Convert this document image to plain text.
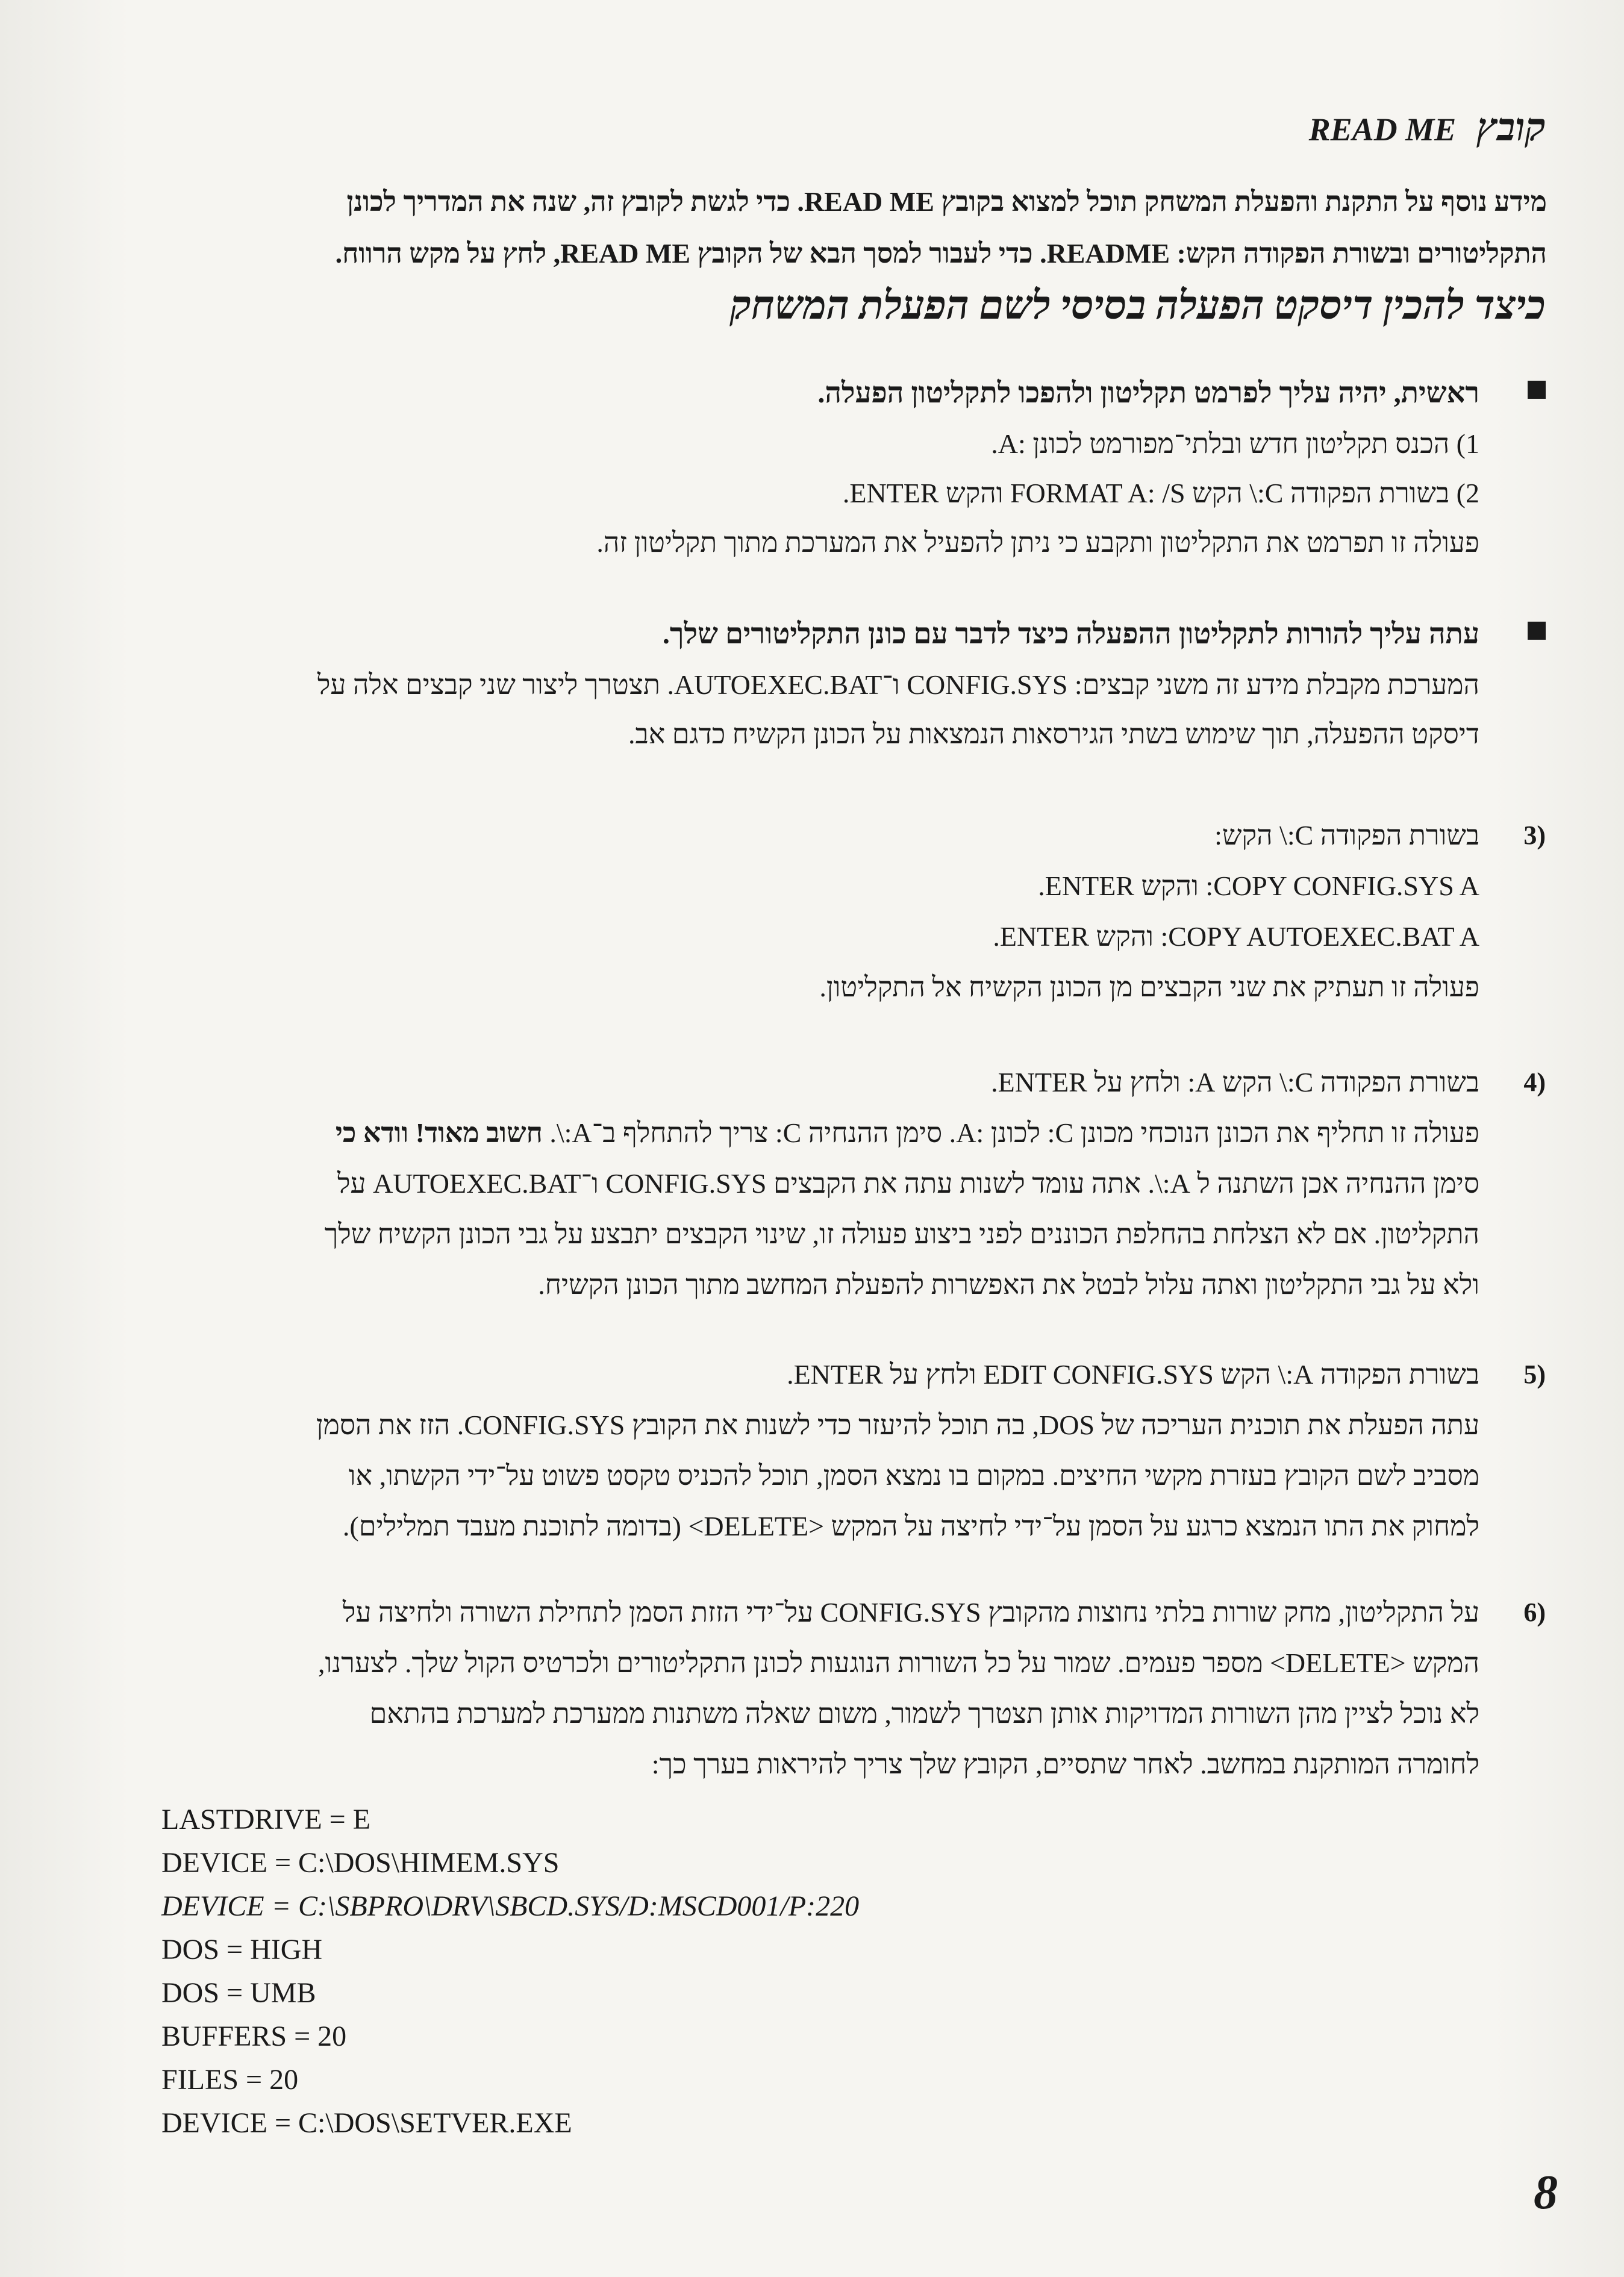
קובץ READ ME
מידע נוסף על התקנת והפעלת המשחק תוכל למצוא בקובץ READ ME. כדי לגשת לקובץ זה, שנה את המדריך לכונן
התקליטורים ובשורת הפקודה הקש: README. כדי לעבור למסך הבא של הקובץ READ ME, לחץ על מקש הרווח.
כיצד להכין דיסקט הפעלה בסיסי לשם הפעלת המשחק
ראשית, יהיה עליך לפרמט תקליטון ולהפכו לתקליטון הפעלה.

1) הכנס תקליטון חדש ובלתי־מפורמט לכונן :A.

2) בשורת הפקודה C:\ הקש FORMAT A: /S והקש ENTER.

פעולה זו תפרמט את התקליטון ותקבע כי ניתן להפעיל את המערכת מתוך תקליטון זה.

עתה עליך להורות לתקליטון ההפעלה כיצד לדבר עם כונן התקליטורים שלך.

המערכת מקבלת מידע זה משני קבצים: CONFIG.SYS ו־AUTOEXEC.BAT. תצטרך ליצור שני קבצים אלה על

דיסקט ההפעלה, תוך שימוש בשתי הגירסאות הנמצאות על הכונן הקשיח כדגם אב.

(3

בשורת הפקודה C:\ הקש:

COPY CONFIG.SYS A: והקש ENTER.

COPY AUTOEXEC.BAT A: והקש ENTER.

פעולה זו תעתיק את שני הקבצים מן הכונן הקשיח אל התקליטון.

(4

בשורת הפקודה C:\ הקש A: ולחץ על ENTER.

פעולה זו תחליף את הכונן הנוכחי מכונן C: לכונן :A. סימן ההנחיה C: צריך להתחלף ב־A:\. חשוב מאוד! וודא כי

סימן ההנחיה אכן השתנה ל A:\. אתה עומד לשנות עתה את הקבצים CONFIG.SYS ו־AUTOEXEC.BAT על

התקליטון. אם לא הצלחת בהחלפת הכוננים לפני ביצוע פעולה זו, שינוי הקבצים יתבצע על גבי הכונן הקשיח שלך

ולא על גבי התקליטון ואתה עלול לבטל את האפשרות להפעלת המחשב מתוך הכונן הקשיח.

(5

בשורת הפקודה A:\ הקש EDIT CONFIG.SYS ולחץ על ENTER.

עתה הפעלת את תוכנית העריכה של DOS, בה תוכל להיעזר כדי לשנות את הקובץ CONFIG.SYS. הזז את הסמן

מסביב לשם הקובץ בעזרת מקשי החיצים. במקום בו נמצא הסמן, תוכל להכניס טקסט פשוט על־ידי הקשתו, או

למחוק את התו הנמצא כרגע על הסמן על־ידי לחיצה על המקש <DELETE> (בדומה לתוכנת מעבד תמלילים).

(6

על התקליטון, מחק שורות בלתי נחוצות מהקובץ CONFIG.SYS על־ידי הזזת הסמן לתחילת השורה ולחיצה על

המקש <DELETE> מספר פעמים. שמור על כל השורות הנוגעות לכונן התקליטורים ולכרטיס הקול שלך. לצערנו,

לא נוכל לציין מהן השורות המדויקות אותן תצטרך לשמור, משום שאלה משתנות ממערכת למערכת בהתאם

לחומרה המותקנת במחשב. לאחר שתסיים, הקובץ שלך צריך להיראות בערך כך:

LASTDRIVE = E
DEVICE = C:\DOS\HIMEM.SYS
DEVICE = C:\SBPRO\DRV\SBCD.SYS/D:MSCD001/P:220
DOS = HIGH
DOS = UMB
BUFFERS = 20
FILES = 20
DEVICE = C:\DOS\SETVER.EXE
8
